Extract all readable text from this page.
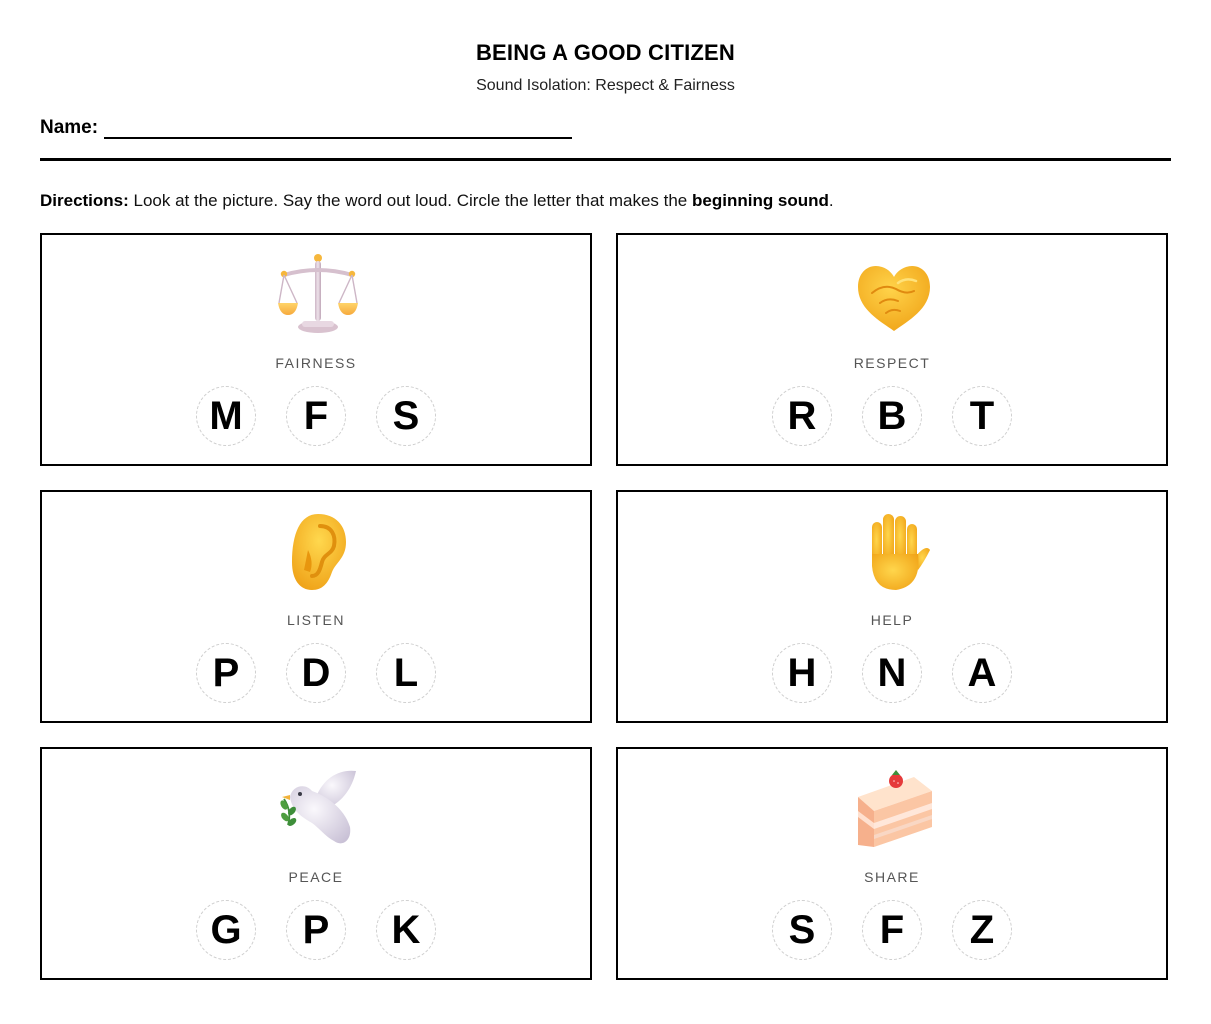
BEING A GOOD CITIZEN
Sound Isolation: Respect & Fairness
Name:
Directions: Look at the picture. Say the word out loud. Circle the letter that makes the beginning sound.
FAIRNESS
M	F	S
RESPECT
R	B	T
LISTEN
P	D	L
HELP
H	N	A
PEACE
G	P	K
SHARE
S	F	Z
